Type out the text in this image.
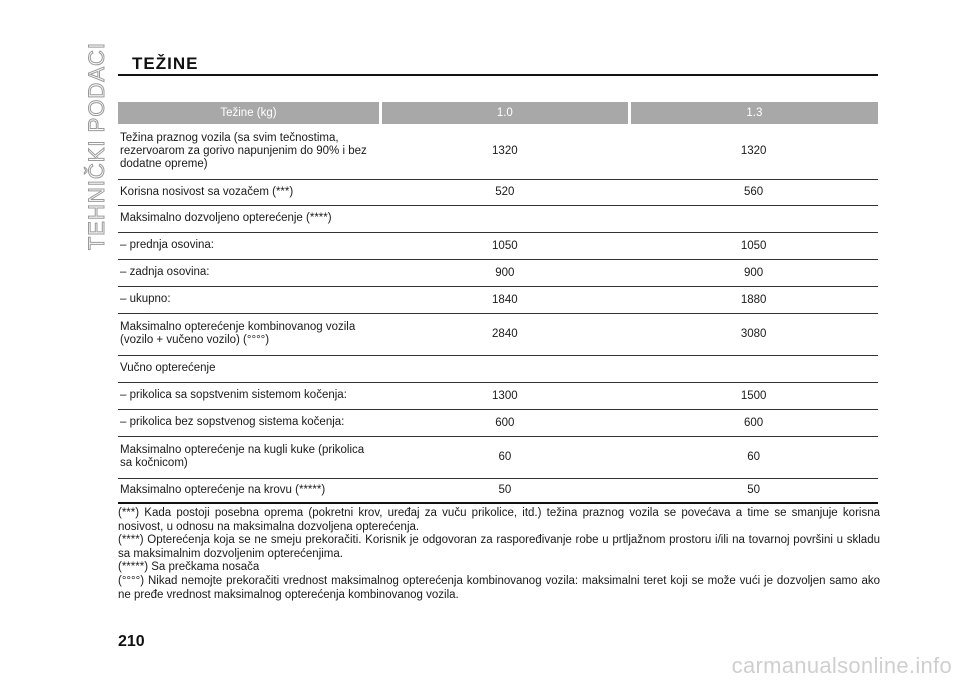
TEHNIČKI PODACI TEŽINE
Težine (kg)	1.0	1.3
Težina praznog vozila (sa svim tečnostima, rezervoarom za gorivo napunjenim do 90% i bez dodatne opreme)	1320	1320
Korisna nosivost sa vozačem (***)	520	560
Maksimalno dozvoljeno opterećenje (****)		
– prednja osovina:	1050	1050
– zadnja osovina:	900	900
– ukupno:	1840	1880
Maksimalno opterećenje kombinovanog vozila (vozilo + vučeno vozilo) (°°°°)	2840	3080
Vučno opterećenje		
– prikolica sa sopstvenim sistemom kočenja:	1300	1500
– prikolica bez sopstvenog sistema kočenja:	600	600
Maksimalno opterećenje na kugli kuke (prikolica sa kočnicom)	60	60
Maksimalno opterećenje na krovu (*****)	50	50

(***) Kada postoji posebna oprema (pokretni krov, uređaj za vuču prikolice, itd.) težina praznog vozila se povećava a time se smanjuje korisna nosivost, u odnosu na maksimalna dozvoljena opterećenja.

(****) Opterećenja koja se ne smeju prekoračiti. Korisnik je odgovoran za raspoređivanje robe u prtljažnom prostoru i/ili na tovarnoj površini u skladu sa maksimalnim dozvoljenim opterećenjima.

(*****) Sa prečkama nosača

(°°°°) Nikad nemojte prekoračiti vrednost maksimalnog opterećenja kombinovanog vozila: maksimalni teret koji se može vući je dozvoljen samo ako ne pređe vrednost maksimalnog opterećenja kombinovanog vozila.

210
carmanualsonline.info
